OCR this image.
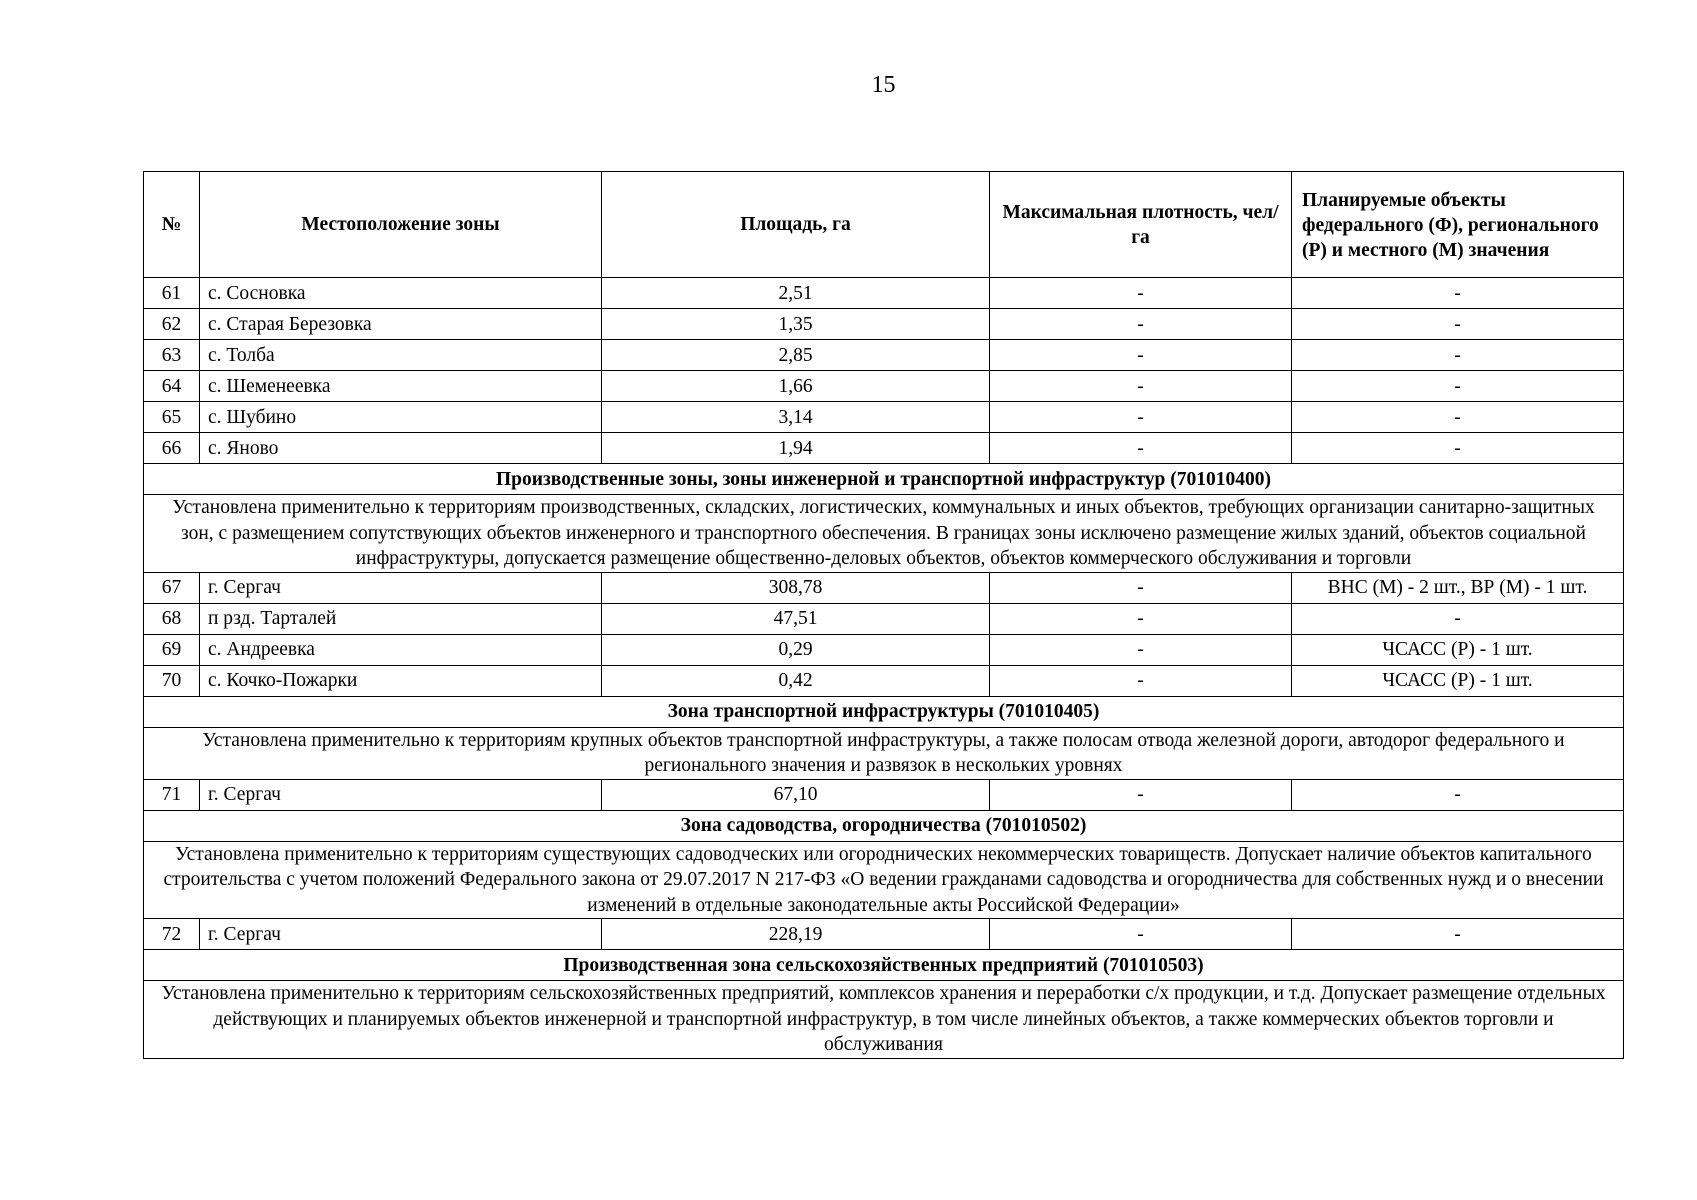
15
№	Местоположение зоны	Площадь, га	Максимальная плотность, чел/га	Планируемые объекты федерального (Ф), регионального (Р) и местного (М) значения
61	с. Сосновка	2,51	-	-
62	с. Старая Березовка	1,35	-	-
63	с. Толба	2,85	-	-
64	с. Шеменеевка	1,66	-	-
65	с. Шубино	3,14	-	-
66	с. Яново	1,94	-	-
Производственные зоны, зоны инженерной и транспортной инфраструктур (701010400)				
Установлена применительно к территориям производственных, складских, логистических, коммунальных и иных объектов, требующих организации санитарно-защитных зон, с размещением сопутствующих объектов инженерного и транспортного обеспечения. В границах зоны исключено размещение жилых зданий, объектов социальной инфраструктуры, допускается размещение общественно-деловых объектов, объектов коммерческого обслуживания и торговли				
67	г. Сергач	308,78	-	ВНС (М) - 2 шт., ВР (М) - 1 шт.
68	п рзд. Тарталей	47,51	-	-
69	с. Андреевка	0,29	-	ЧСАСС (Р) - 1 шт.
70	с. Кочко-Пожарки	0,42	-	ЧСАСС (Р) - 1 шт.
Зона транспортной инфраструктуры (701010405)				
Установлена применительно к территориям крупных объектов транспортной инфраструктуры, а также полосам отвода железной дороги, автодорог федерального и регионального значения и развязок в нескольких уровнях				
71	г. Сергач	67,10	-	-
Зона садоводства, огородничества (701010502)				
Установлена применительно к территориям существующих садоводческих или огороднических некоммерческих товариществ. Допускает наличие объектов капитального строительства с учетом положений Федерального закона от 29.07.2017 N 217-ФЗ «О ведении гражданами садоводства и огородничества для собственных нужд и о внесении изменений в отдельные законодательные акты Российской Федерации»				
72	г. Сергач	228,19	-	-
Производственная зона сельскохозяйственных предприятий (701010503)				
Установлена применительно к территориям сельскохозяйственных предприятий, комплексов хранения и переработки с/х продукции, и т.д. Допускает размещение отдельных действующих и планируемых объектов инженерной и транспортной инфраструктур, в том числе линейных объектов, а также коммерческих объектов торговли и обслуживания				
